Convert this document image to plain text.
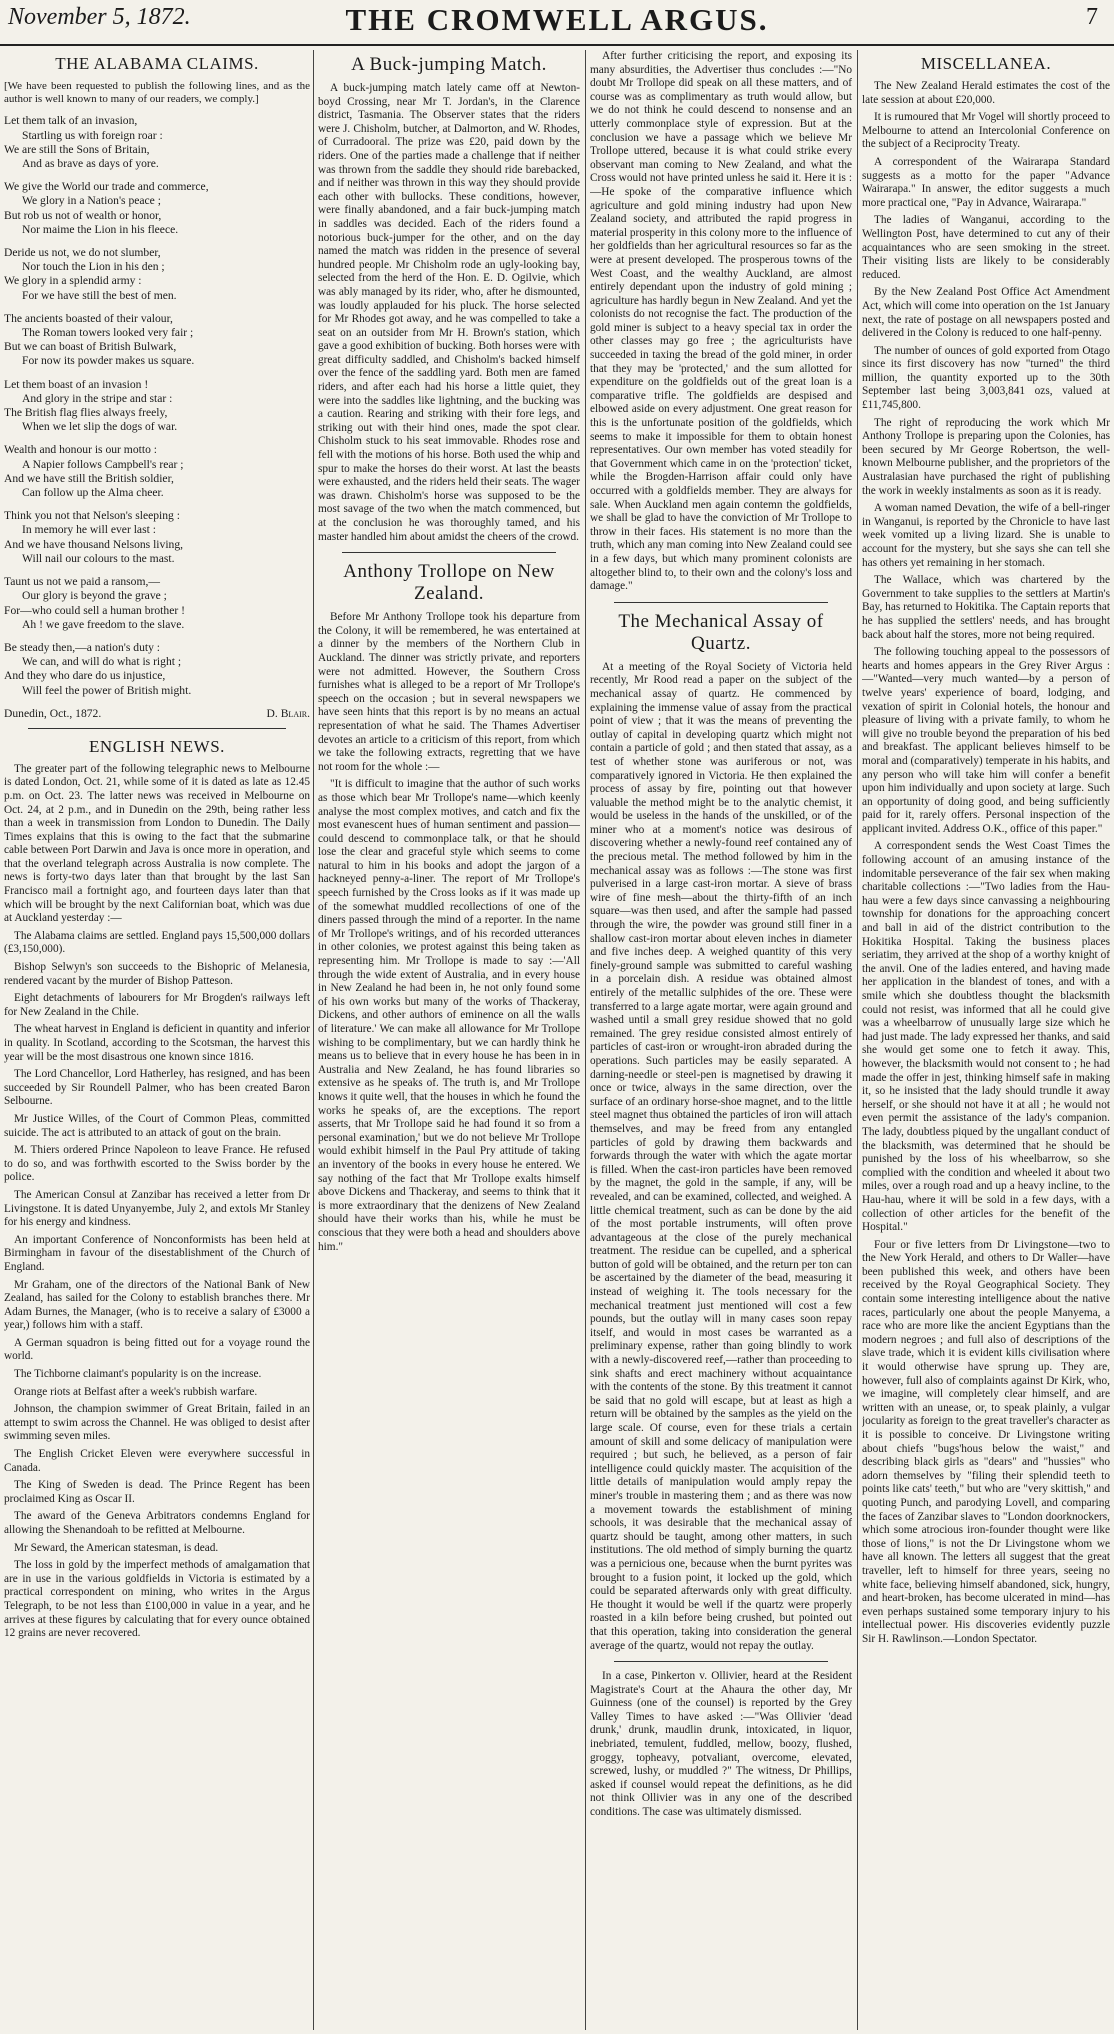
November 5, 1872.	THE CROMWELL ARGUS.	7
THE ALABAMA CLAIMS.

[We have been requested to publish the following lines, and as the author is well known to many of our readers, we comply.]

Let them talk of an invasion,
Startling us with foreign roar :
We are still the Sons of Britain,
And as brave as days of yore.
We give the World our trade and commerce,
We glory in a Nation's peace ;
But rob us not of wealth or honor,
Nor maime the Lion in his fleece.
Deride us not, we do not slumber,
Nor touch the Lion in his den ;
We glory in a splendid army :
For we have still the best of men.
The ancients boasted of their valour,
The Roman towers looked very fair ;
But we can boast of British Bulwark,
For now its powder makes us square.
Let them boast of an invasion !
And glory in the stripe and star :
The British flag flies always freely,
When we let slip the dogs of war.
Wealth and honour is our motto :
A Napier follows Campbell's rear ;
And we have still the British soldier,
Can follow up the Alma cheer.
Think you not that Nelson's sleeping :
In memory he will ever last :
And we have thousand Nelsons living,
Will nail our colours to the mast.
Taunt us not we paid a ransom,—
Our glory is beyond the grave ;
For—who could sell a human brother !
Ah ! we gave freedom to the slave.
Be steady then,—a nation's duty :
We can, and will do what is right ;
And they who dare do us injustice,
Will feel the power of British might.
Dunedin, Oct., 1872.	D. Blair.
ENGLISH NEWS.

The greater part of the following telegraphic news to Melbourne is dated London, Oct. 21, while some of it is dated as late as 12.45 p.m. on Oct. 23. The latter news was received in Melbourne on Oct. 24, at 2 p.m., and in Dunedin on the 29th, being rather less than a week in transmission from London to Dunedin. The Daily Times explains that this is owing to the fact that the submarine cable between Port Darwin and Java is once more in operation, and that the overland telegraph across Australia is now complete. The news is forty-two days later than that brought by the last San Francisco mail a fortnight ago, and fourteen days later than that which will be brought by the next Californian boat, which was due at Auckland yesterday :—

The Alabama claims are settled. England pays 15,500,000 dollars (£3,150,000).

Bishop Selwyn's son succeeds to the Bishopric of Melanesia, rendered vacant by the murder of Bishop Patteson.

Eight detachments of labourers for Mr Brogden's railways left for New Zealand in the Chile.

The wheat harvest in England is deficient in quantity and inferior in quality. In Scotland, according to the Scotsman, the harvest this year will be the most disastrous one known since 1816.

The Lord Chancellor, Lord Hatherley, has resigned, and has been succeeded by Sir Roundell Palmer, who has been created Baron Selbourne.

Mr Justice Willes, of the Court of Common Pleas, committed suicide. The act is attributed to an attack of gout on the brain.

M. Thiers ordered Prince Napoleon to leave France. He refused to do so, and was forthwith escorted to the Swiss border by the police.

The American Consul at Zanzibar has received a letter from Dr Livingstone. It is dated Unyanyembe, July 2, and extols Mr Stanley for his energy and kindness.

An important Conference of Nonconformists has been held at Birmingham in favour of the disestablishment of the Church of England.

Mr Graham, one of the directors of the National Bank of New Zealand, has sailed for the Colony to establish branches there. Mr Adam Burnes, the Manager, (who is to receive a salary of £3000 a year,) follows him with a staff.

A German squadron is being fitted out for a voyage round the world.

The Tichborne claimant's popularity is on the increase.

Orange riots at Belfast after a week's rubbish warfare.

Johnson, the champion swimmer of Great Britain, failed in an attempt to swim across the Channel. He was obliged to desist after swimming seven miles.

The English Cricket Eleven were everywhere successful in Canada.

The King of Sweden is dead. The Prince Regent has been proclaimed King as Oscar II.

The award of the Geneva Arbitrators condemns England for allowing the Shenandoah to be refitted at Melbourne.

Mr Seward, the American statesman, is dead.

The loss in gold by the imperfect methods of amalgamation that are in use in the various goldfields in Victoria is estimated by a practical correspondent on mining, who writes in the Argus Telegraph, to be not less than £100,000 in value in a year, and he arrives at these figures by calculating that for every ounce obtained 12 grains are never recovered.

A Buck-jumping Match.

A buck-jumping match lately came off at Newton-boyd Crossing, near Mr T. Jordan's, in the Clarence district, Tasmania. The Observer states that the riders were J. Chisholm, butcher, at Dalmorton, and W. Rhodes, of Curradooral. The prize was £20, paid down by the riders. One of the parties made a challenge that if neither was thrown from the saddle they should ride barebacked, and if neither was thrown in this way they should provide each other with bullocks. These conditions, however, were finally abandoned, and a fair buck-jumping match in saddles was decided. Each of the riders found a notorious buck-jumper for the other, and on the day named the match was ridden in the presence of several hundred people. Mr Chisholm rode an ugly-looking bay, selected from the herd of the Hon. E. D. Ogilvie, which was ably managed by its rider, who, after he dismounted, was loudly applauded for his pluck. The horse selected for Mr Rhodes got away, and he was compelled to take a seat on an outsider from Mr H. Brown's station, which gave a good exhibition of bucking. Both horses were with great difficulty saddled, and Chisholm's backed himself over the fence of the saddling yard. Both men are famed riders, and after each had his horse a little quiet, they were into the saddles like lightning, and the bucking was a caution. Rearing and striking with their fore legs, and striking out with their hind ones, made the spot clear. Chisholm stuck to his seat immovable. Rhodes rose and fell with the motions of his horse. Both used the whip and spur to make the horses do their worst. At last the beasts were exhausted, and the riders held their seats. The wager was drawn. Chisholm's horse was supposed to be the most savage of the two when the match commenced, but at the conclusion he was thoroughly tamed, and his master handled him about amidst the cheers of the crowd.

Anthony Trollope on New Zealand.

Before Mr Anthony Trollope took his departure from the Colony, it will be remembered, he was entertained at a dinner by the members of the Northern Club in Auckland. The dinner was strictly private, and reporters were not admitted. However, the Southern Cross furnishes what is alleged to be a report of Mr Trollope's speech on the occasion ; but in several newspapers we have seen hints that this report is by no means an actual representation of what he said. The Thames Advertiser devotes an article to a criticism of this report, from which we take the following extracts, regretting that we have not room for the whole :—

"It is difficult to imagine that the author of such works as those which bear Mr Trollope's name—which keenly analyse the most complex motives, and catch and fix the most evanescent hues of human sentiment and passion—could descend to commonplace talk, or that he should lose the clear and graceful style which seems to come natural to him in his books and adopt the jargon of a hackneyed penny-a-liner. The report of Mr Trollope's speech furnished by the Cross looks as if it was made up of the somewhat muddled recollections of one of the diners passed through the mind of a reporter. In the name of Mr Trollope's writings, and of his recorded utterances in other colonies, we protest against this being taken as representing him. Mr Trollope is made to say :—'All through the wide extent of Australia, and in every house in New Zealand he had been in, he not only found some of his own works but many of the works of Thackeray, Dickens, and other authors of eminence on all the walls of literature.' We can make all allowance for Mr Trollope wishing to be complimentary, but we can hardly think he means us to believe that in every house he has been in in Australia and New Zealand, he has found libraries so extensive as he speaks of. The truth is, and Mr Trollope knows it quite well, that the houses in which he found the works he speaks of, are the exceptions. The report asserts, that Mr Trollope said he had found it so from a personal examination,' but we do not believe Mr Trollope would exhibit himself in the Paul Pry attitude of taking an inventory of the books in every house he entered. We say nothing of the fact that Mr Trollope exalts himself above Dickens and Thackeray, and seems to think that it is more extraordinary that the denizens of New Zealand should have their works than his, while he must be conscious that they were both a head and shoulders above him."

After further criticising the report, and exposing its many absurdities, the Advertiser thus concludes :—"No doubt Mr Trollope did speak on all these matters, and of course was as complimentary as truth would allow, but we do not think he could descend to nonsense and an utterly commonplace style of expression. But at the conclusion we have a passage which we believe Mr Trollope uttered, because it is what could strike every observant man coming to New Zealand, and what the Cross would not have printed unless he said it. Here it is :—He spoke of the comparative influence which agriculture and gold mining industry had upon New Zealand society, and attributed the rapid progress in material prosperity in this colony more to the influence of her goldfields than her agricultural resources so far as the were at present developed. The prosperous towns of the West Coast, and the wealthy Auckland, are almost entirely dependant upon the industry of gold mining ; agriculture has hardly begun in New Zealand. And yet the colonists do not recognise the fact. The production of the gold miner is subject to a heavy special tax in order the other classes may go free ; the agriculturists have succeeded in taxing the bread of the gold miner, in order that they may be 'protected,' and the sum allotted for expenditure on the goldfields out of the great loan is a comparative trifle. The goldfields are despised and elbowed aside on every adjustment. One great reason for this is the unfortunate position of the goldfields, which seems to make it impossible for them to obtain honest representatives. Our own member has voted steadily for that Government which came in on the 'protection' ticket, while the Brogden-Harrison affair could only have occurred with a goldfields member. They are always for sale. When Auckland men again contemn the goldfields, we shall be glad to have the conviction of Mr Trollope to throw in their faces. His statement is no more than the truth, which any man coming into New Zealand could see in a few days, but which many prominent colonists are altogether blind to, to their own and the colony's loss and damage."

The Mechanical Assay of Quartz.

At a meeting of the Royal Society of Victoria held recently, Mr Rood read a paper on the subject of the mechanical assay of quartz. He commenced by explaining the immense value of assay from the practical point of view ; that it was the means of preventing the outlay of capital in developing quartz which might not contain a particle of gold ; and then stated that assay, as a test of whether stone was auriferous or not, was comparatively ignored in Victoria. He then explained the process of assay by fire, pointing out that however valuable the method might be to the analytic chemist, it would be useless in the hands of the unskilled, or of the miner who at a moment's notice was desirous of discovering whether a newly-found reef contained any of the precious metal. The method followed by him in the mechanical assay was as follows :—The stone was first pulverised in a large cast-iron mortar. A sieve of brass wire of fine mesh—about the thirty-fifth of an inch square—was then used, and after the sample had passed through the wire, the powder was ground still finer in a shallow cast-iron mortar about eleven inches in diameter and five inches deep. A weighed quantity of this very finely-ground sample was submitted to careful washing in a porcelain dish. A residue was obtained almost entirely of the metallic sulphides of the ore. These were transferred to a large agate mortar, were again ground and washed until a small grey residue showed that no gold remained. The grey residue consisted almost entirely of particles of cast-iron or wrought-iron abraded during the operations. Such particles may be easily separated. A darning-needle or steel-pen is magnetised by drawing it once or twice, always in the same direction, over the surface of an ordinary horse-shoe magnet, and to the little steel magnet thus obtained the particles of iron will attach themselves, and may be freed from any entangled particles of gold by drawing them backwards and forwards through the water with which the agate mortar is filled. When the cast-iron particles have been removed by the magnet, the gold in the sample, if any, will be revealed, and can be examined, collected, and weighed. A little chemical treatment, such as can be done by the aid of the most portable instruments, will often prove advantageous at the close of the purely mechanical treatment. The residue can be cupelled, and a spherical button of gold will be obtained, and the return per ton can be ascertained by the diameter of the bead, measuring it instead of weighing it. The tools necessary for the mechanical treatment just mentioned will cost a few pounds, but the outlay will in many cases soon repay itself, and would in most cases be warranted as a preliminary expense, rather than going blindly to work with a newly-discovered reef,—rather than proceeding to sink shafts and erect machinery without acquaintance with the contents of the stone. By this treatment it cannot be said that no gold will escape, but at least as high a return will be obtained by the samples as the yield on the large scale. Of course, even for these trials a certain amount of skill and some delicacy of manipulation were required ; but such, he believed, as a person of fair intelligence could quickly master. The acquisition of the little details of manipulation would amply repay the miner's trouble in mastering them ; and as there was now a movement towards the establishment of mining schools, it was desirable that the mechanical assay of quartz should be taught, among other matters, in such institutions. The old method of simply burning the quartz was a pernicious one, because when the burnt pyrites was brought to a fusion point, it locked up the gold, which could be separated afterwards only with great difficulty. He thought it would be well if the quartz were properly roasted in a kiln before being crushed, but pointed out that this operation, taking into consideration the general average of the quartz, would not repay the outlay.

In a case, Pinkerton v. Ollivier, heard at the Resident Magistrate's Court at the Ahaura the other day, Mr Guinness (one of the counsel) is reported by the Grey Valley Times to have asked :—"Was Ollivier 'dead drunk,' drunk, maudlin drunk, intoxicated, in liquor, inebriated, temulent, fuddled, mellow, boozy, flushed, groggy, topheavy, potvaliant, overcome, elevated, screwed, lushy, or muddled ?" The witness, Dr Phillips, asked if counsel would repeat the definitions, as he did not think Ollivier was in any one of the described conditions. The case was ultimately dismissed.

MISCELLANEA.

The New Zealand Herald estimates the cost of the late session at about £20,000.

It is rumoured that Mr Vogel will shortly proceed to Melbourne to attend an Intercolonial Conference on the subject of a Reciprocity Treaty.

A correspondent of the Wairarapa Standard suggests as a motto for the paper "Advance Wairarapa." In answer, the editor suggests a much more practical one, "Pay in Advance, Wairarapa."

The ladies of Wanganui, according to the Wellington Post, have determined to cut any of their acquaintances who are seen smoking in the street. Their visiting lists are likely to be considerably reduced.

By the New Zealand Post Office Act Amendment Act, which will come into operation on the 1st January next, the rate of postage on all newspapers posted and delivered in the Colony is reduced to one half-penny.

The number of ounces of gold exported from Otago since its first discovery has now "turned" the third million, the quantity exported up to the 30th September last being 3,003,841 ozs, valued at £11,745,800.

The right of reproducing the work which Mr Anthony Trollope is preparing upon the Colonies, has been secured by Mr George Robertson, the well-known Melbourne publisher, and the proprietors of the Australasian have purchased the right of publishing the work in weekly instalments as soon as it is ready.

A woman named Devation, the wife of a bell-ringer in Wanganui, is reported by the Chronicle to have last week vomited up a living lizard. She is unable to account for the mystery, but she says she can tell she has others yet remaining in her stomach.

The Wallace, which was chartered by the Government to take supplies to the settlers at Martin's Bay, has returned to Hokitika. The Captain reports that he has supplied the settlers' needs, and has brought back about half the stores, more not being required.

The following touching appeal to the possessors of hearts and homes appears in the Grey River Argus :—"Wanted—very much wanted—by a person of twelve years' experience of board, lodging, and vexation of spirit in Colonial hotels, the honour and pleasure of living with a private family, to whom he will give no trouble beyond the preparation of his bed and breakfast. The applicant believes himself to be moral and (comparatively) temperate in his habits, and any person who will take him will confer a benefit upon him individually and upon society at large. Such an opportunity of doing good, and being sufficiently paid for it, rarely offers. Personal inspection of the applicant invited. Address O.K., office of this paper."

A correspondent sends the West Coast Times the following account of an amusing instance of the indomitable perseverance of the fair sex when making charitable collections :—"Two ladies from the Hau-hau were a few days since canvassing a neighbouring township for donations for the approaching concert and ball in aid of the district contribution to the Hokitika Hospital. Taking the business places seriatim, they arrived at the shop of a worthy knight of the anvil. One of the ladies entered, and having made her application in the blandest of tones, and with a smile which she doubtless thought the blacksmith could not resist, was informed that all he could give was a wheelbarrow of unusually large size which he had just made. The lady expressed her thanks, and said she would get some one to fetch it away. This, however, the blacksmith would not consent to ; he had made the offer in jest, thinking himself safe in making it, so he insisted that the lady should trundle it away herself, or she should not have it at all ; he would not even permit the assistance of the lady's companion. The lady, doubtless piqued by the ungallant conduct of the blacksmith, was determined that he should be punished by the loss of his wheelbarrow, so she complied with the condition and wheeled it about two miles, over a rough road and up a heavy incline, to the Hau-hau, where it will be sold in a few days, with a collection of other articles for the benefit of the Hospital."

Four or five letters from Dr Livingstone—two to the New York Herald, and others to Dr Waller—have been published this week, and others have been received by the Royal Geographical Society. They contain some interesting intelligence about the native races, particularly one about the people Manyema, a race who are more like the ancient Egyptians than the modern negroes ; and full also of descriptions of the slave trade, which it is evident kills civilisation where it would otherwise have sprung up. They are, however, full also of complaints against Dr Kirk, who, we imagine, will completely clear himself, and are written with an unease, or, to speak plainly, a vulgar jocularity as foreign to the great traveller's character as it is possible to conceive. Dr Livingstone writing about chiefs "bugs'hous below the waist," and describing black girls as "dears" and "hussies" who adorn themselves by "filing their splendid teeth to points like cats' teeth," but who are "very skittish," and quoting Punch, and parodying Lovell, and comparing the faces of Zanzibar slaves to "London doorknockers, which some atrocious iron-founder thought were like those of lions," is not the Dr Livingstone whom we have all known. The letters all suggest that the great traveller, left to himself for three years, seeing no white face, believing himself abandoned, sick, hungry, and heart-broken, has become ulcerated in mind—has even perhaps sustained some temporary injury to his intellectual power. His discoveries evidently puzzle Sir H. Rawlinson.—London Spectator.
